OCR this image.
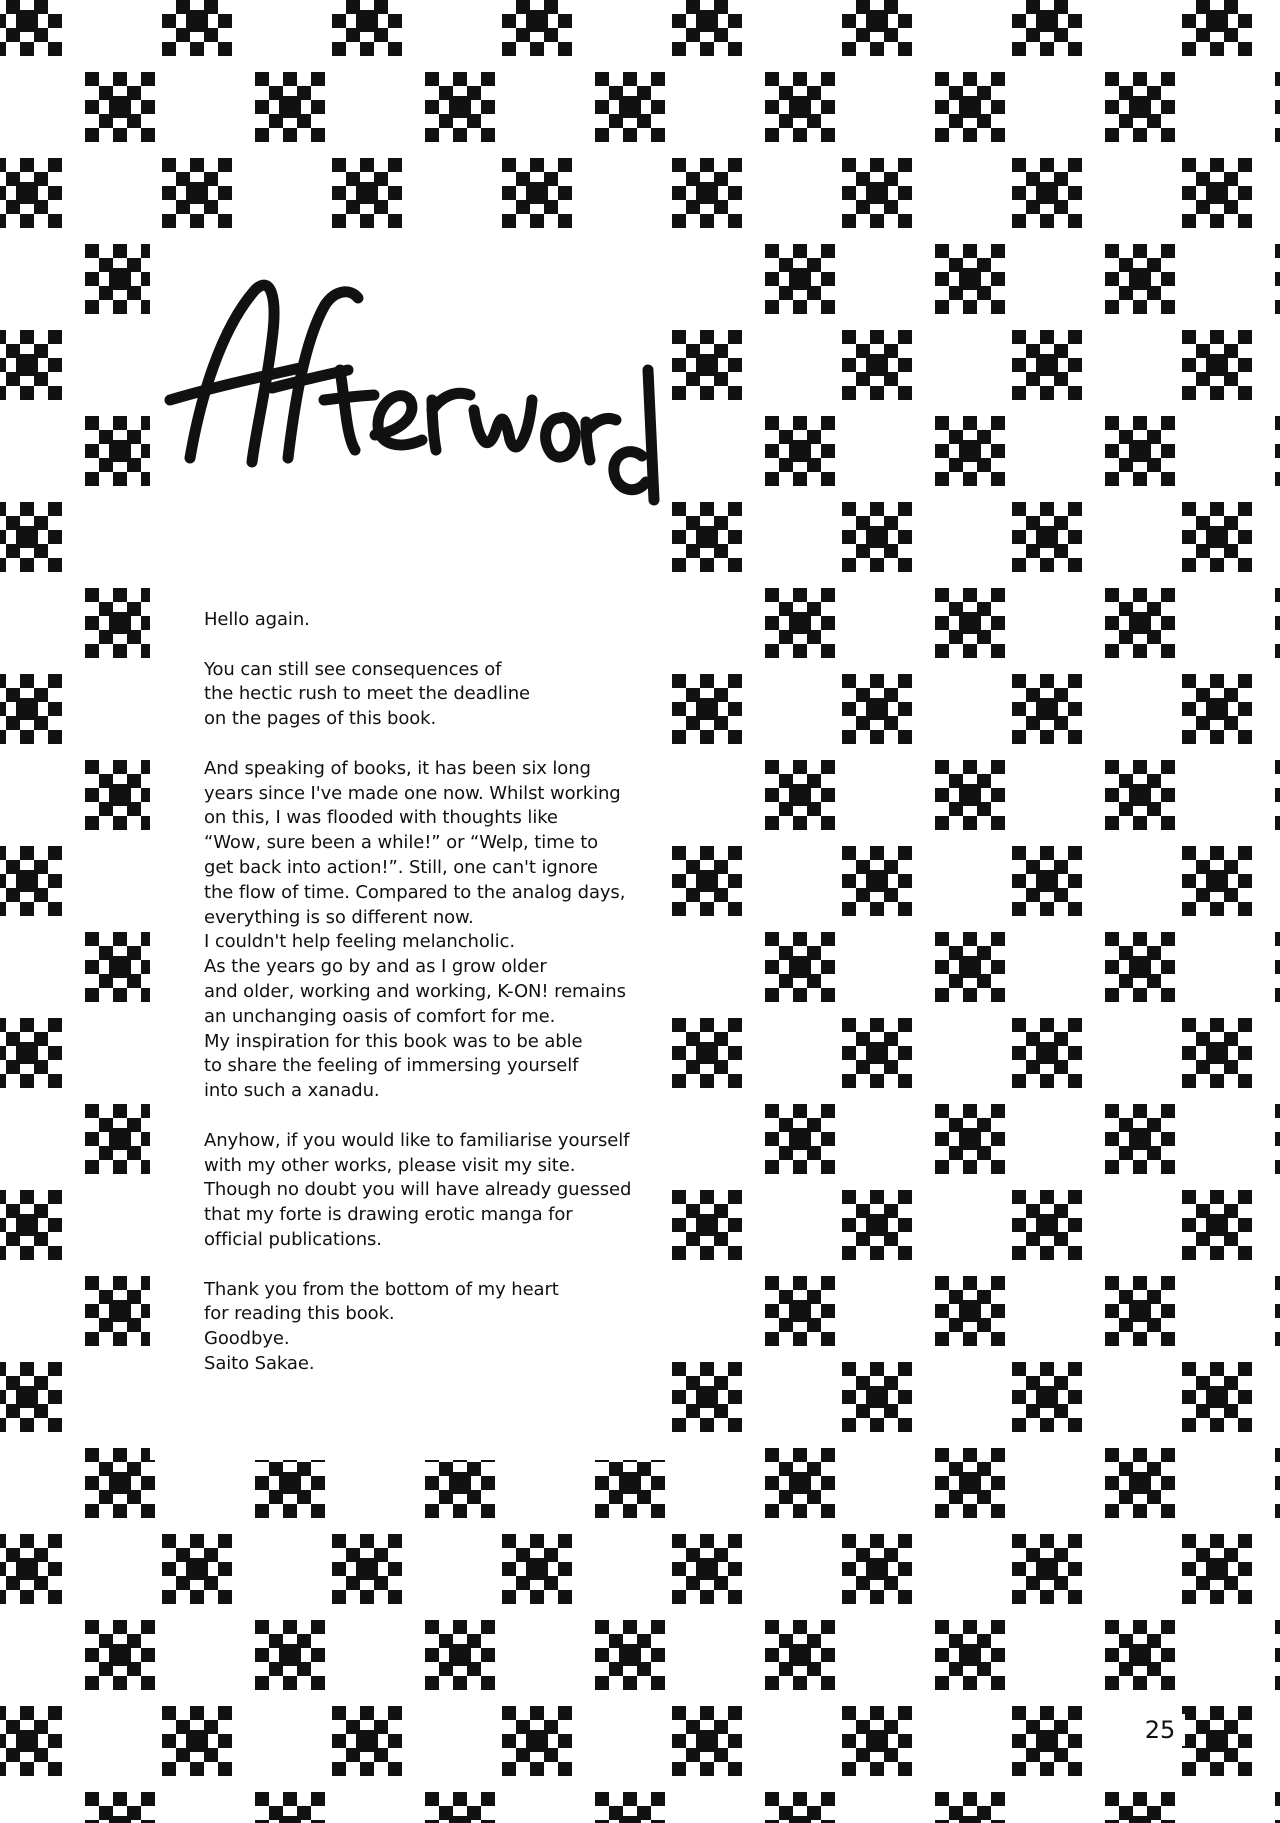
Hello again.

You can still see consequences of
the hectic rush to meet the deadline
on the pages of this book.

And speaking of books, it has been six long
years since I've made one now. Whilst working
on this, I was flooded with thoughts like
“Wow, sure been a while!” or “Welp, time to
get back into action!”. Still, one can't ignore
the flow of time. Compared to the analog days,
everything is so different now.
I couldn't help feeling melancholic.
As the years go by and as I grow older
and older, working and working, K-ON! remains
an unchanging oasis of comfort for me.
My inspiration for this book was to be able
to share the feeling of immersing yourself
into such a xanadu.

Anyhow, if you would like to familiarise yourself
with my other works, please visit my site.
Though no doubt you will have already guessed
that my forte is drawing erotic manga for
official publications.

Thank you from the bottom of my heart
for reading this book.
Goodbye.
Saito Sakae.

25
